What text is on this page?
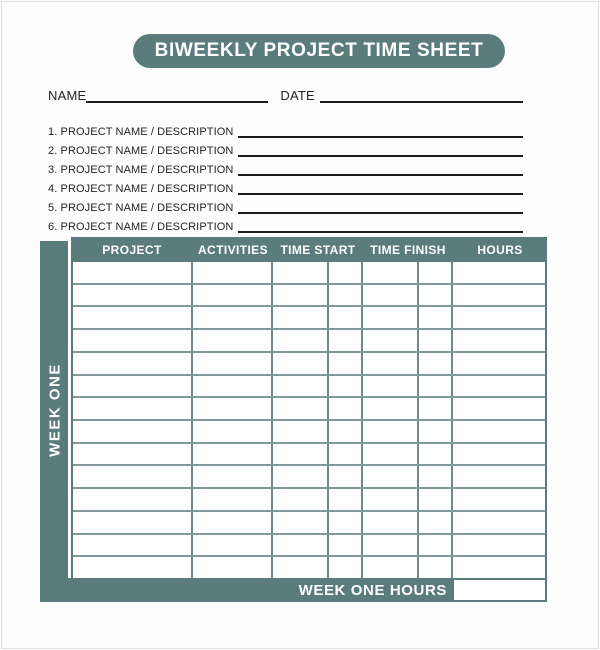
BIWEEKLY PROJECT TIME SHEET
NAME	DATE
1. PROJECT NAME / DESCRIPTION
2. PROJECT NAME / DESCRIPTION
3. PROJECT NAME / DESCRIPTION
4. PROJECT NAME / DESCRIPTION
5. PROJECT NAME / DESCRIPTION
6. PROJECT NAME / DESCRIPTION
PROJECT	ACTIVITIES	TIME START	TIME FINISH	HOURS
WEEK ONE
WEEK ONE HOURS
